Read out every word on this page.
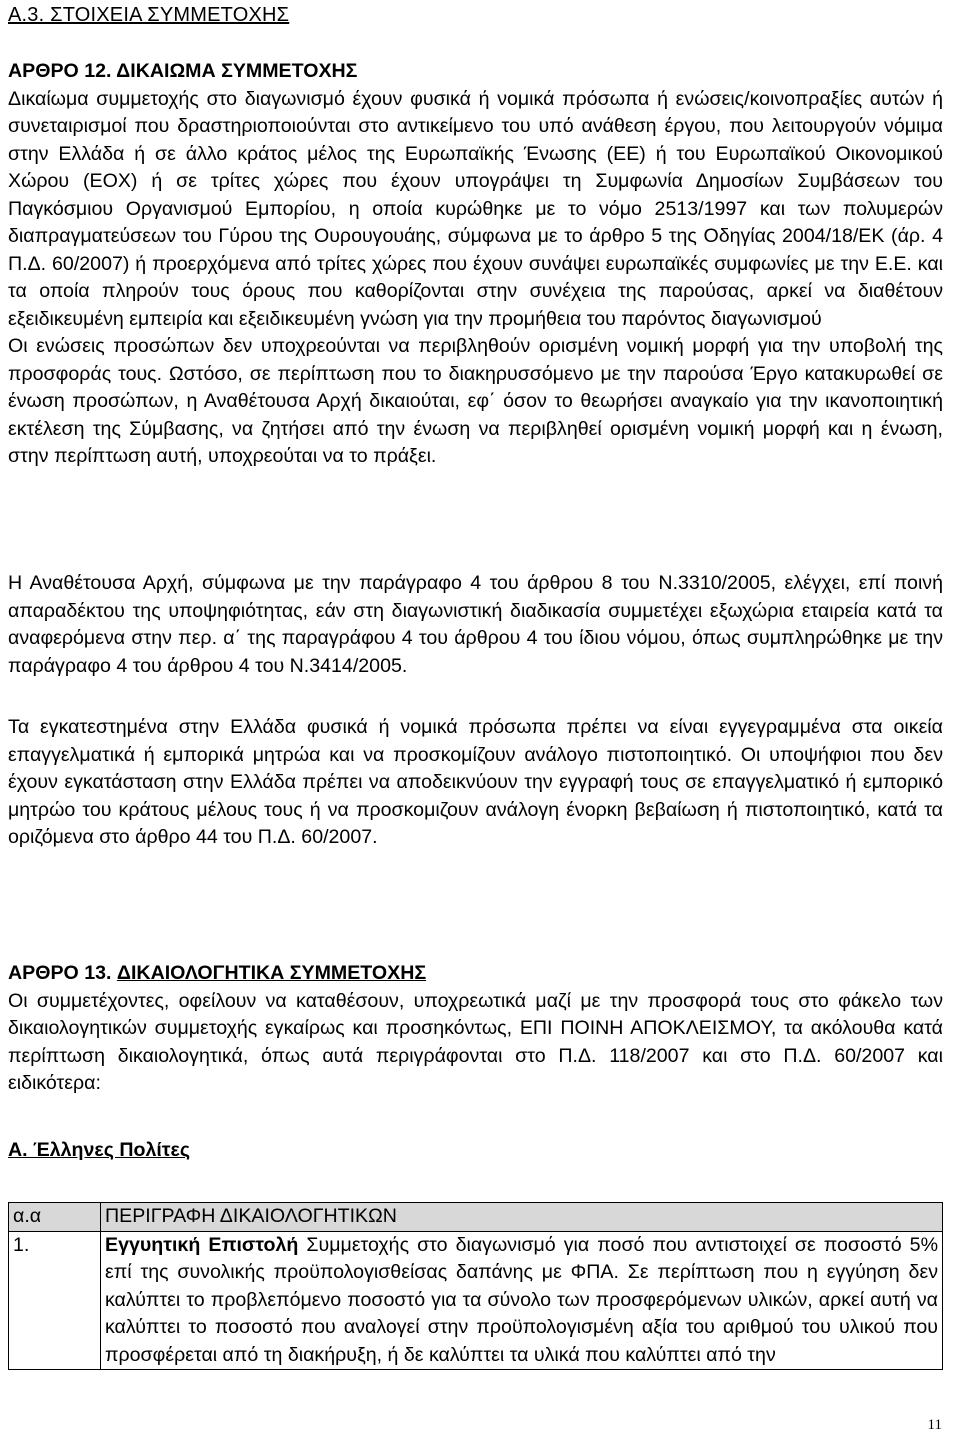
Α.3. ΣΤΟΙΧΕΙΑ ΣΥΜΜΕΤΟΧΗΣ

ΑΡΘΡΟ 12. ΔΙΚΑΙΩΜΑ ΣΥΜΜΕΤΟΧΗΣ
Δικαίωμα συμμετοχής στο διαγωνισμό έχουν φυσικά ή νομικά πρόσωπα ή ενώσεις/κοινοπραξίες αυτών ή συνεταιρισμοί που δραστηριοποιούνται στο αντικείμενο του υπό ανάθεση έργου, που λειτουργούν νόμιμα στην Ελλάδα ή σε άλλο κράτος μέλος της Ευρωπαϊκής Ένωσης (ΕΕ) ή του Ευρωπαϊκού Οικονομικού Χώρου (ΕΟΧ) ή σε τρίτες χώρες που έχουν υπογράψει τη Συμφωνία Δημοσίων Συμβάσεων του Παγκόσμιου Οργανισμού Εμπορίου, η οποία κυρώθηκε με το νόμο 2513/1997 και των πολυμερών διαπραγματεύσεων του Γύρου της Ουρουγουάης, σύμφωνα με το άρθρο 5 της Οδηγίας 2004/18/ΕΚ (άρ. 4 Π.Δ. 60/2007) ή προερχόμενα από τρίτες χώρες που έχουν συνάψει ευρωπαϊκές συμφωνίες με την Ε.Ε. και τα οποία πληρούν τους όρους που καθορίζονται στην συνέχεια της παρούσας, αρκεί να διαθέτουν εξειδικευμένη εμπειρία και εξειδικευμένη γνώση για την προμήθεια του παρόντος διαγωνισμού
Οι ενώσεις προσώπων δεν υποχρεούνται να περιβληθούν ορισμένη νομική μορφή για την υποβολή της προσφοράς τους. Ωστόσο, σε περίπτωση που το διακηρυσσόμενο με την παρούσα Έργο κατακυρωθεί σε ένωση προσώπων, η Αναθέτουσα Αρχή δικαιούται, εφ΄ όσον το θεωρήσει αναγκαίο για την ικανοποιητική εκτέλεση της Σύμβασης, να ζητήσει από την ένωση να περιβληθεί ορισμένη νομική μορφή και η ένωση, στην περίπτωση αυτή, υποχρεούται να το πράξει.

Η Αναθέτουσα Αρχή, σύμφωνα με την παράγραφο 4 του άρθρου 8 του Ν.3310/2005, ελέγχει, επί ποινή απαραδέκτου της υποψηφιότητας, εάν στη διαγωνιστική διαδικασία συμμετέχει εξωχώρια εταιρεία κατά τα αναφερόμενα στην περ. α΄ της παραγράφου 4 του άρθρου 4 του ίδιου νόμου, όπως συμπληρώθηκε με την παράγραφο 4 του άρθρου 4 του Ν.3414/2005.

Τα εγκατεστημένα στην Ελλάδα φυσικά ή νομικά πρόσωπα πρέπει να είναι εγγεγραμμένα στα οικεία επαγγελματικά ή εμπορικά μητρώα και να προσκομίζουν ανάλογο πιστοποιητικό. Οι υποψήφιοι που δεν έχουν εγκατάσταση στην Ελλάδα πρέπει να αποδεικνύουν την εγγραφή τους σε επαγγελματικό ή εμπορικό μητρώο του κράτους μέλους τους ή να προσκομιζουν ανάλογη ένορκη βεβαίωση ή πιστοποιητικό, κατά τα οριζόμενα στο άρθρο 44 του Π.Δ. 60/2007.

ΑΡΘΡΟ 13. ΔΙΚΑΙΟΛΟΓΗΤΙΚΑ ΣΥΜΜΕΤΟΧΗΣ
Οι συμμετέχοντες, οφείλουν να καταθέσουν, υποχρεωτικά μαζί με την προσφορά τους στο φάκελο των δικαιολογητικών συμμετοχής εγκαίρως και προσηκόντως, ΕΠΙ ΠΟΙΝΗ ΑΠΟΚΛΕΙΣΜΟΥ, τα ακόλουθα κατά περίπτωση δικαιολογητικά, όπως αυτά περιγράφονται στο Π.Δ. 118/2007 και στο Π.Δ. 60/2007 και ειδικότερα:

Α. Έλληνες Πολίτες

α.α	ΠΕΡΙΓΡΑΦΗ ΔΙΚΑΙΟΛΟΓΗΤΙΚΩΝ
1.	Εγγυητική Επιστολή Συμμετοχής στο διαγωνισμό για ποσό που αντιστοιχεί σε ποσοστό 5% επί της συνολικής προϋπολογισθείσας δαπάνης με ΦΠΑ. Σε περίπτωση που η εγγύηση δεν καλύπτει το προβλεπόμενο ποσοστό για τα σύνολο των προσφερόμενων υλικών, αρκεί αυτή να καλύπτει το ποσοστό που αναλογεί στην προϋπολογισμένη αξία του αριθμού του υλικού που προσφέρεται από τη διακήρυξη, ή δε καλύπτει τα υλικά που καλύπτει από την
11
